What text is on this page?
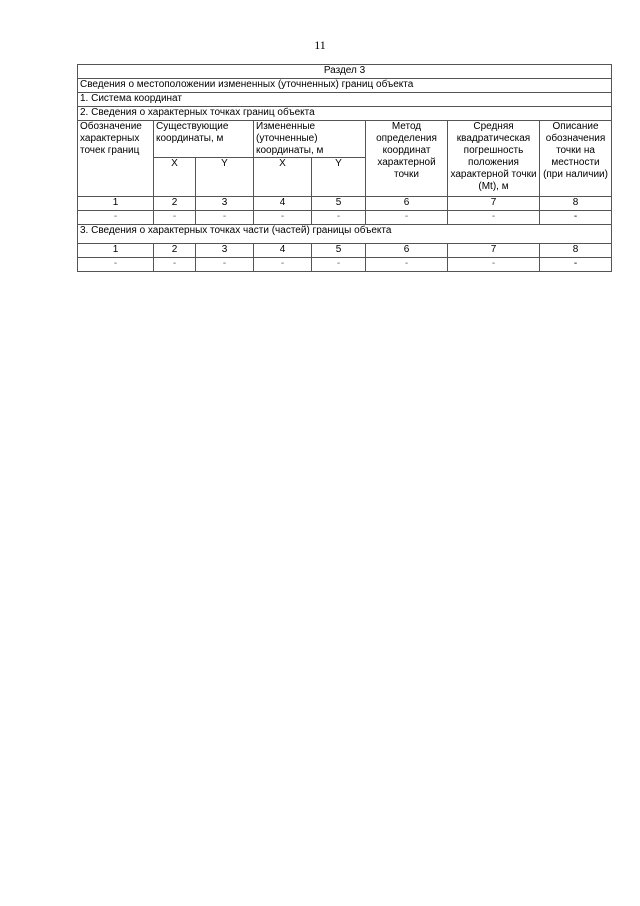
11
Раздел 3							
Сведения о местоположении измененных (уточненных) границ объекта							
1. Система координат							
2. Сведения о характерных точках границ объекта							
Обозначение характерных точек границ	Существующие координаты, м		Измененные (уточненные) координаты, м		Метод определения координат характерной точки	Средняя квадратическая погрешность положения характерной точки (Mt), м	Описание обозначения точки на местности (при наличии)
	X	Y	X	Y			
1	2	3	4	5	6	7	8
-	-	-	-	-	-	-	-
3. Сведения о характерных точках части (частей) границы объекта							
1	2	3	4	5	6	7	8
-	-	-	-	-	-	-	-
